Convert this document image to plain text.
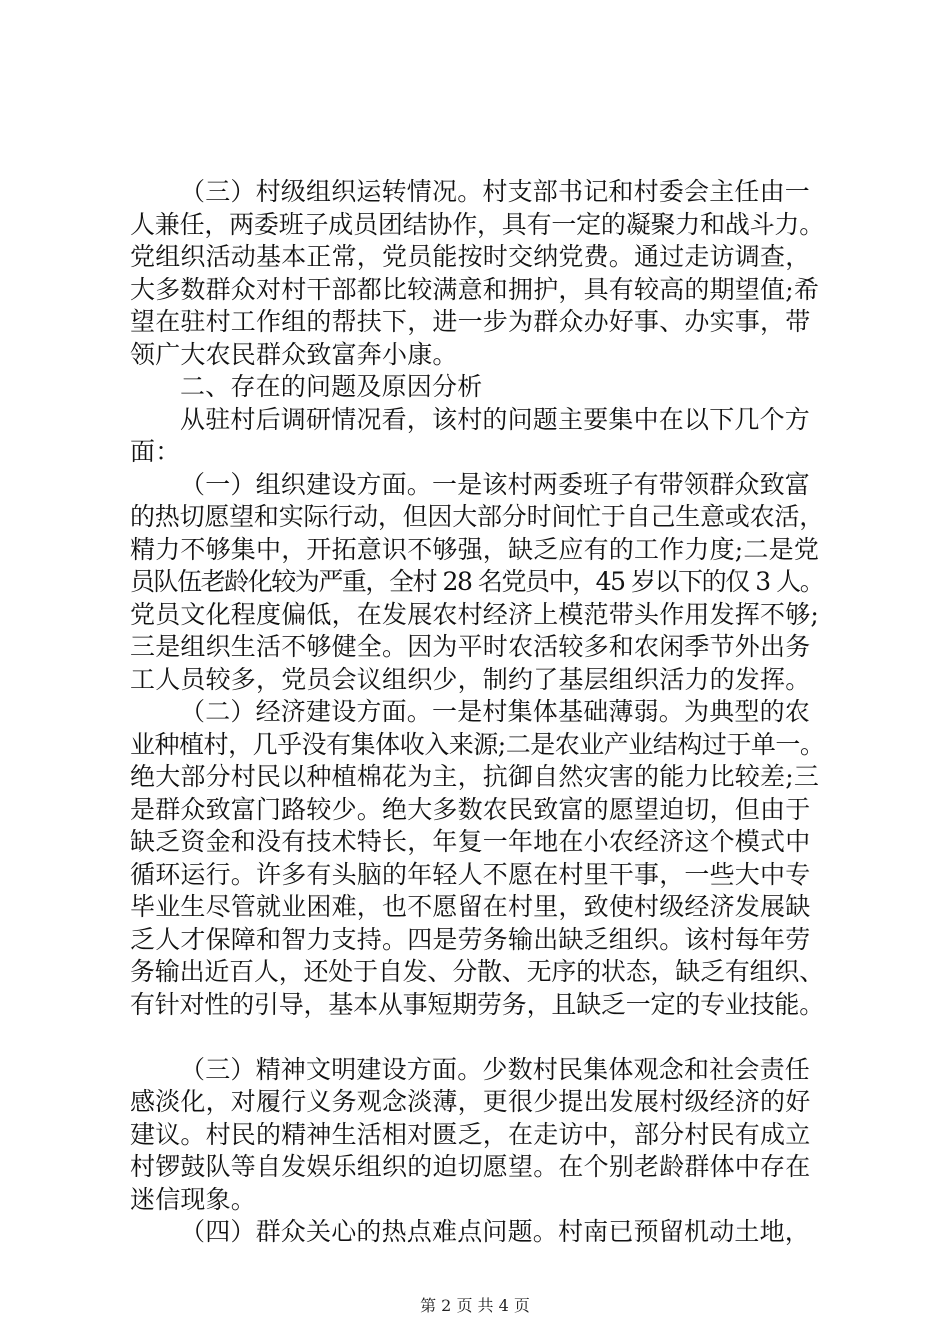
（三）村级组织运转情况。村支部书记和村委会主任由一
人兼任，两委班子成员团结协作，具有一定的凝聚力和战斗力。
党组织活动基本正常，党员能按时交纳党费。通过走访调查，
大多数群众对村干部都比较满意和拥护，具有较高的期望值;希
望在驻村工作组的帮扶下，进一步为群众办好事、办实事，带
领广大农民群众致富奔小康。
二、存在的问题及原因分析
从驻村后调研情况看，该村的问题主要集中在以下几个方
面：
（一）组织建设方面。一是该村两委班子有带领群众致富
的热切愿望和实际行动，但因大部分时间忙于自己生意或农活，
精力不够集中，开拓意识不够强，缺乏应有的工作力度;二是党
员队伍老龄化较为严重，全村 28 名党员中，45 岁以下的仅 3 人。
党员文化程度偏低，在发展农村经济上模范带头作用发挥不够;
三是组织生活不够健全。因为平时农活较多和农闲季节外出务
工人员较多，党员会议组织少，制约了基层组织活力的发挥。
（二）经济建设方面。一是村集体基础薄弱。为典型的农
业种植村，几乎没有集体收入来源;二是农业产业结构过于单一。
绝大部分村民以种植棉花为主，抗御自然灾害的能力比较差;三
是群众致富门路较少。绝大多数农民致富的愿望迫切，但由于
缺乏资金和没有技术特长，年复一年地在小农经济这个模式中
循环运行。许多有头脑的年轻人不愿在村里干事，一些大中专
毕业生尽管就业困难，也不愿留在村里，致使村级经济发展缺
乏人才保障和智力支持。四是劳务输出缺乏组织。该村每年劳
务输出近百人，还处于自发、分散、无序的状态，缺乏有组织、
有针对性的引导，基本从事短期劳务，且缺乏一定的专业技能。
（三）精神文明建设方面。少数村民集体观念和社会责任
感淡化，对履行义务观念淡薄，更很少提出发展村级经济的好
建议。村民的精神生活相对匮乏，在走访中，部分村民有成立
村锣鼓队等自发娱乐组织的迫切愿望。在个别老龄群体中存在
迷信现象。
（四）群众关心的热点难点问题。村南已预留机动土地，
第 2 页 共 4 页
